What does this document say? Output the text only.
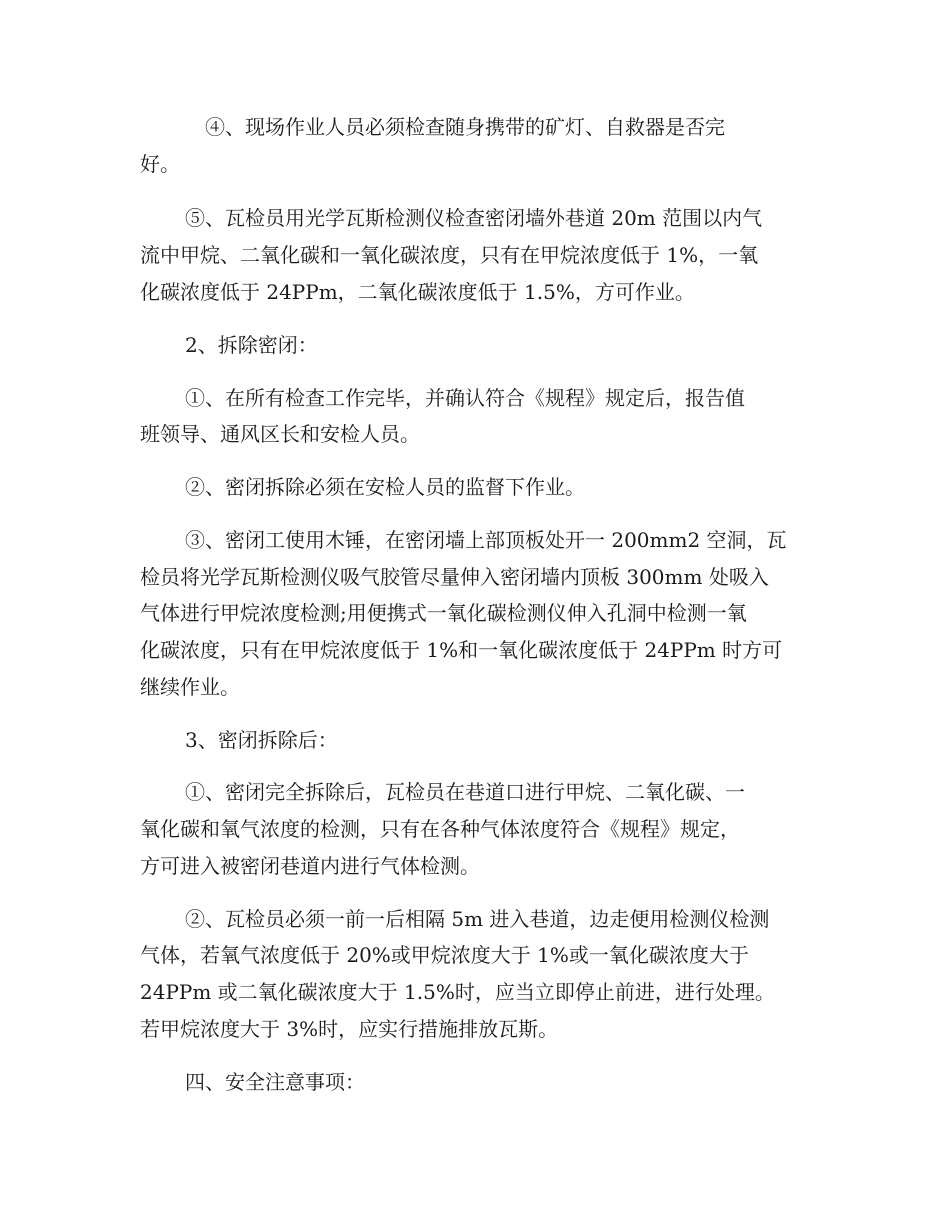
④、现场作业人员必须检查随身携带的矿灯、自救器是否完
好。
⑤、瓦检员用光学瓦斯检测仪检查密闭墙外巷道 20m 范围以内气
流中甲烷、二氧化碳和一氧化碳浓度，只有在甲烷浓度低于 1%，一氧
化碳浓度低于 24PPm，二氧化碳浓度低于 1.5%，方可作业。
2、拆除密闭：
①、在所有检查工作完毕，并确认符合《规程》规定后，报告值
班领导、通风区长和安检人员。
②、密闭拆除必须在安检人员的监督下作业。
③、密闭工使用木锤，在密闭墙上部顶板处开一 200mm2 空洞，瓦
检员将光学瓦斯检测仪吸气胶管尽量伸入密闭墙内顶板 300mm 处吸入
气体进行甲烷浓度检测;用便携式一氧化碳检测仪伸入孔洞中检测一氧
化碳浓度，只有在甲烷浓度低于 1%和一氧化碳浓度低于 24PPm 时方可
继续作业。
3、密闭拆除后：
①、密闭完全拆除后，瓦检员在巷道口进行甲烷、二氧化碳、一
氧化碳和氧气浓度的检测，只有在各种气体浓度符合《规程》规定，
方可进入被密闭巷道内进行气体检测。
②、瓦检员必须一前一后相隔 5m 进入巷道，边走便用检测仪检测
气体，若氧气浓度低于 20%或甲烷浓度大于 1%或一氧化碳浓度大于
24PPm 或二氧化碳浓度大于 1.5%时，应当立即停止前进，进行处理。
若甲烷浓度大于 3%时，应实行措施排放瓦斯。
四、安全注意事项：
